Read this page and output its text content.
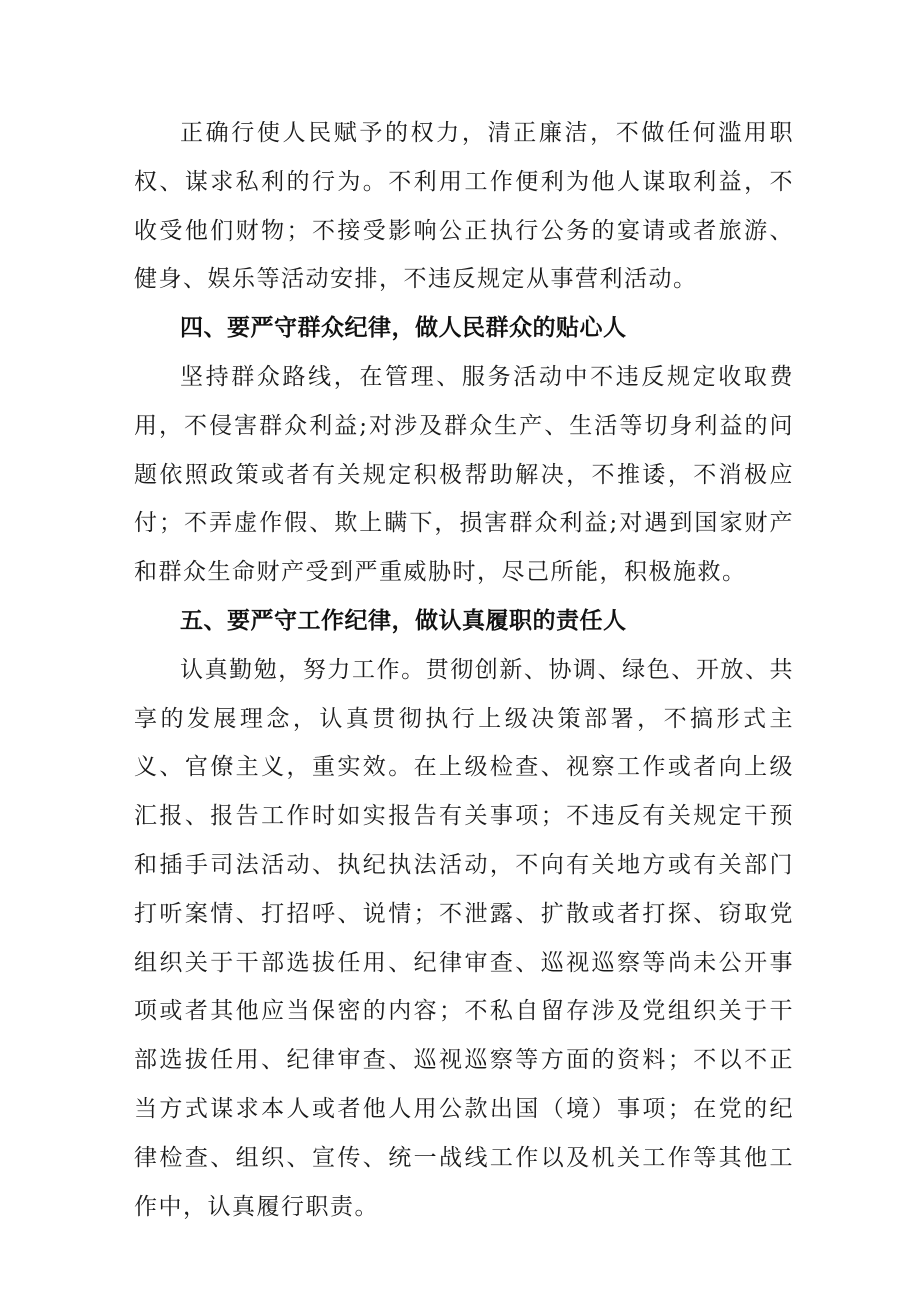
正确行使人民赋予的权力，清正廉洁，不做任何滥用职权、谋求私利的行为。不利用工作便利为他人谋取利益，不收受他们财物；不接受影响公正执行公务的宴请或者旅游、健身、娱乐等活动安排，不违反规定从事营利活动。

四、要严守群众纪律，做人民群众的贴心人

坚持群众路线，在管理、服务活动中不违反规定收取费用，不侵害群众利益;对涉及群众生产、生活等切身利益的问题依照政策或者有关规定积极帮助解决，不推诿，不消极应付；不弄虚作假、欺上瞒下，损害群众利益;对遇到国家财产和群众生命财产受到严重威胁时，尽己所能，积极施救。

五、要严守工作纪律，做认真履职的责任人

认真勤勉，努力工作。贯彻创新、协调、绿色、开放、共享的发展理念，认真贯彻执行上级决策部署，不搞形式主义、官僚主义，重实效。在上级检查、视察工作或者向上级汇报、报告工作时如实报告有关事项；不违反有关规定干预和插手司法活动、执纪执法活动，不向有关地方或有关部门打听案情、打招呼、说情；不泄露、扩散或者打探、窃取党组织关于干部选拔任用、纪律审查、巡视巡察等尚未公开事项或者其他应当保密的内容；不私自留存涉及党组织关于干部选拔任用、纪律审查、巡视巡察等方面的资料；不以不正当方式谋求本人或者他人用公款出国（境）事项；在党的纪律检查、组织、宣传、统一战线工作以及机关工作等其他工作中，认真履行职责。
